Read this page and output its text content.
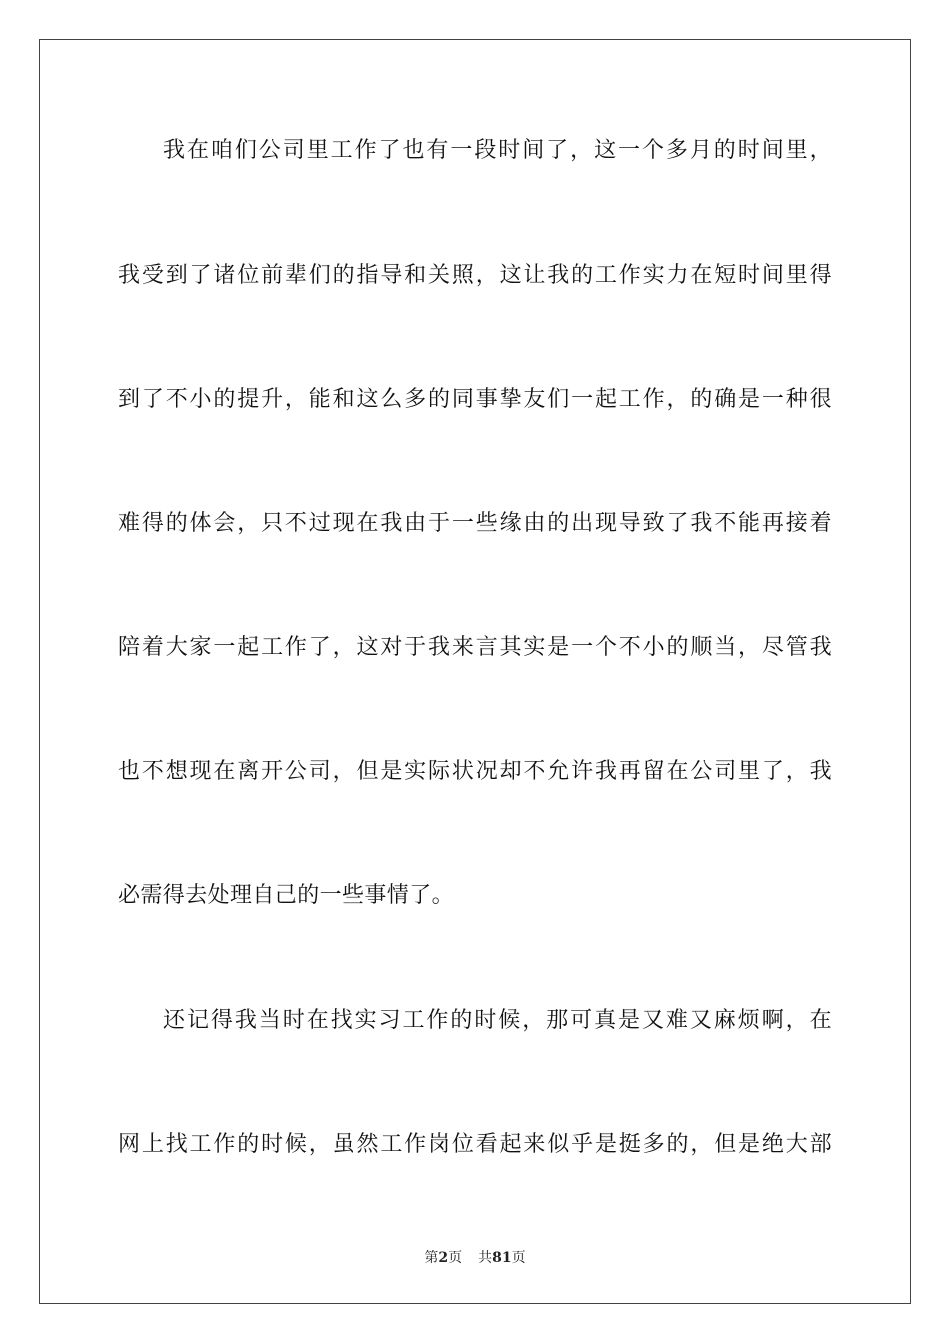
我在咱们公司里工作了也有一段时间了，这一个多月的时间里，
我受到了诸位前辈们的指导和关照，这让我的工作实力在短时间里得
到了不小的提升，能和这么多的同事挚友们一起工作，的确是一种很
难得的体会，只不过现在我由于一些缘由的出现导致了我不能再接着
陪着大家一起工作了，这对于我来言其实是一个不小的顺当，尽管我
也不想现在离开公司，但是实际状况却不允许我再留在公司里了，我
必需得去处理自己的一些事情了。
还记得我当时在找实习工作的时候，那可真是又难又麻烦啊，在
网上找工作的时候，虽然工作岗位看起来似乎是挺多的，但是绝大部
第2页 共81页
